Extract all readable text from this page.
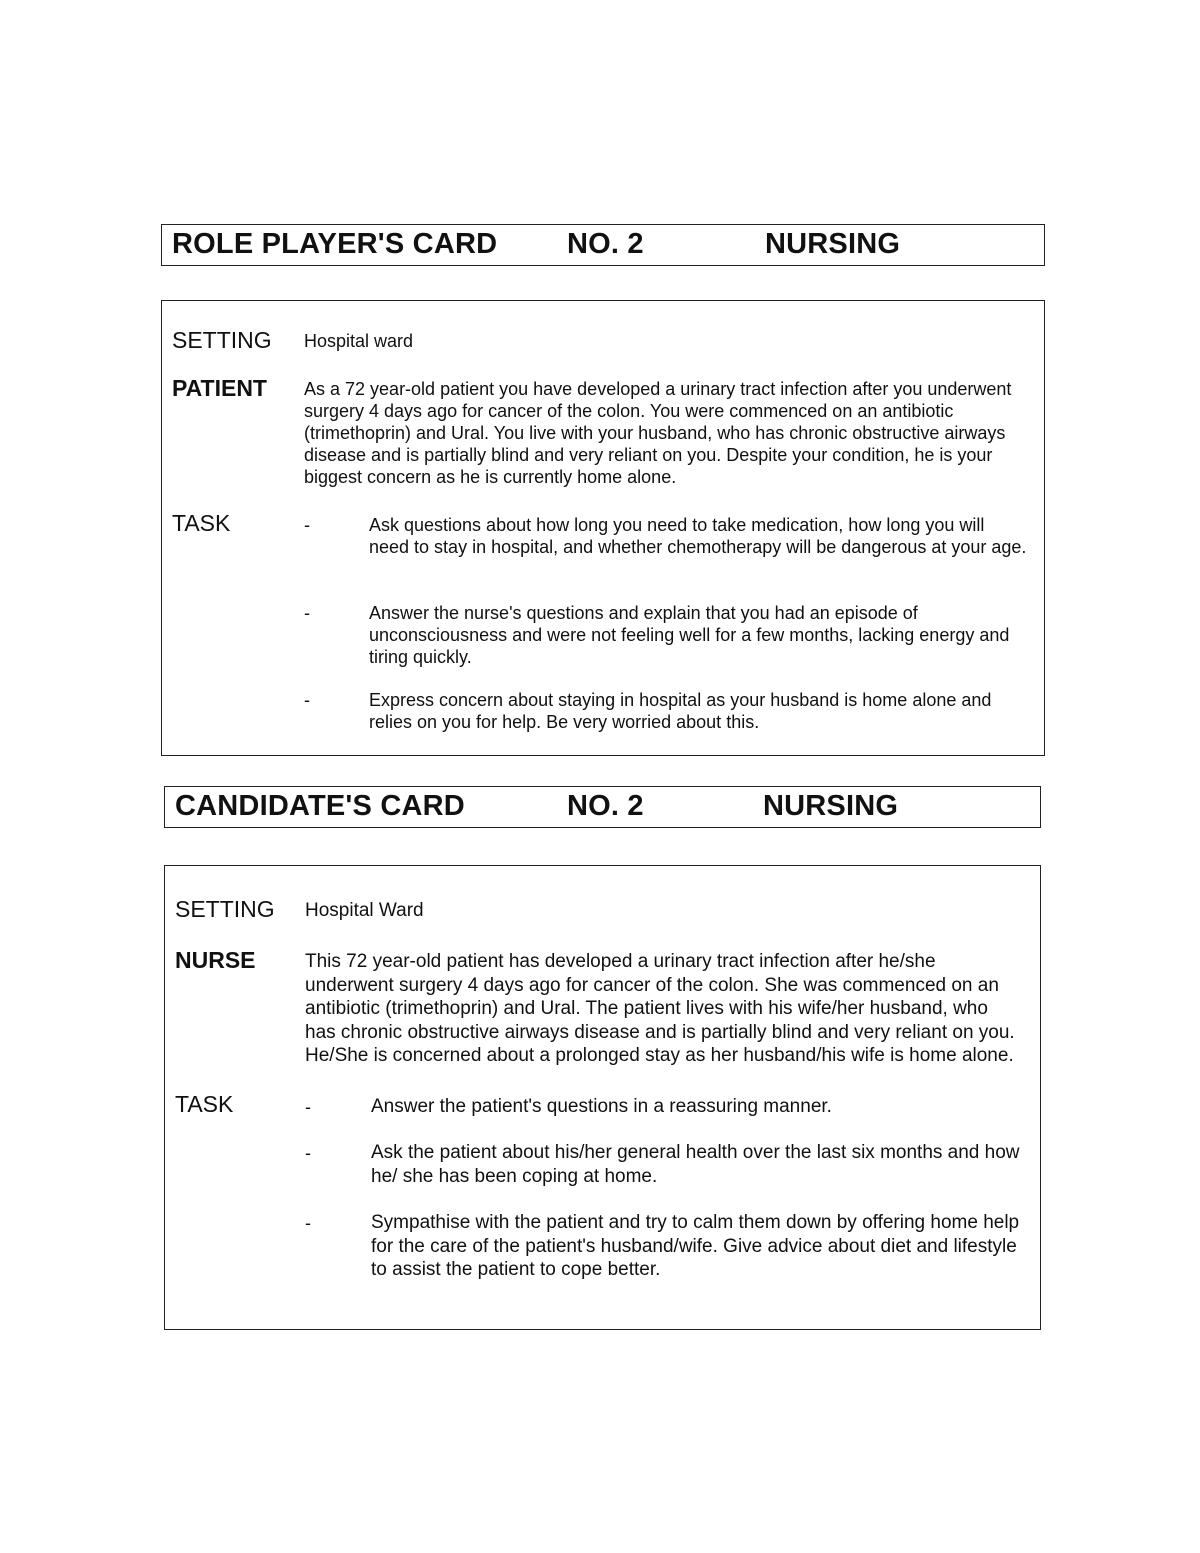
ROLE PLAYER'S CARD NO. 2	NURSING
SETTING Hospital ward
PATIENT As a 72 year-old patient you have developed a urinary tract infection after you underwent surgery 4 days ago for cancer of the colon. You were commenced on an antibiotic (trimethoprin) and Ural. You live with your husband, who has chronic obstructive airways disease and is partially blind and very reliant on you. Despite your condition, he is your biggest concern as he is currently home alone.
TASK	-	Ask questions about how long you need to take medication, how long you will need to stay in hospital, and whether chemotherapy will be dangerous at your age.
-	Answer the nurse's questions and explain that you had an episode of unconsciousness and were not feeling well for a few months, lacking energy and tiring quickly.
-	Express concern about staying in hospital as your husband is home alone and relies on you for help. Be very worried about this.
CANDIDATE'S CARD	NO. 2	NURSING
SETTING Hospital Ward
NURSE	This 72 year-old patient has developed a urinary tract infection after he/she underwent surgery 4 days ago for cancer of the colon. She was commenced on an antibiotic (trimethoprin) and Ural. The patient lives with his wife/her husband, who has chronic obstructive airways disease and is partially blind and very reliant on you. He/She is concerned about a prolonged stay as her husband/his wife is home alone.
TASK	-	Answer the patient's questions in a reassuring manner.
-	Ask the patient about his/her general health over the last six months and how he/ she has been coping at home.
-	Sympathise with the patient and try to calm them down by offering home help for the care of the patient's husband/wife. Give advice about diet and lifestyle to assist the patient to cope better.
